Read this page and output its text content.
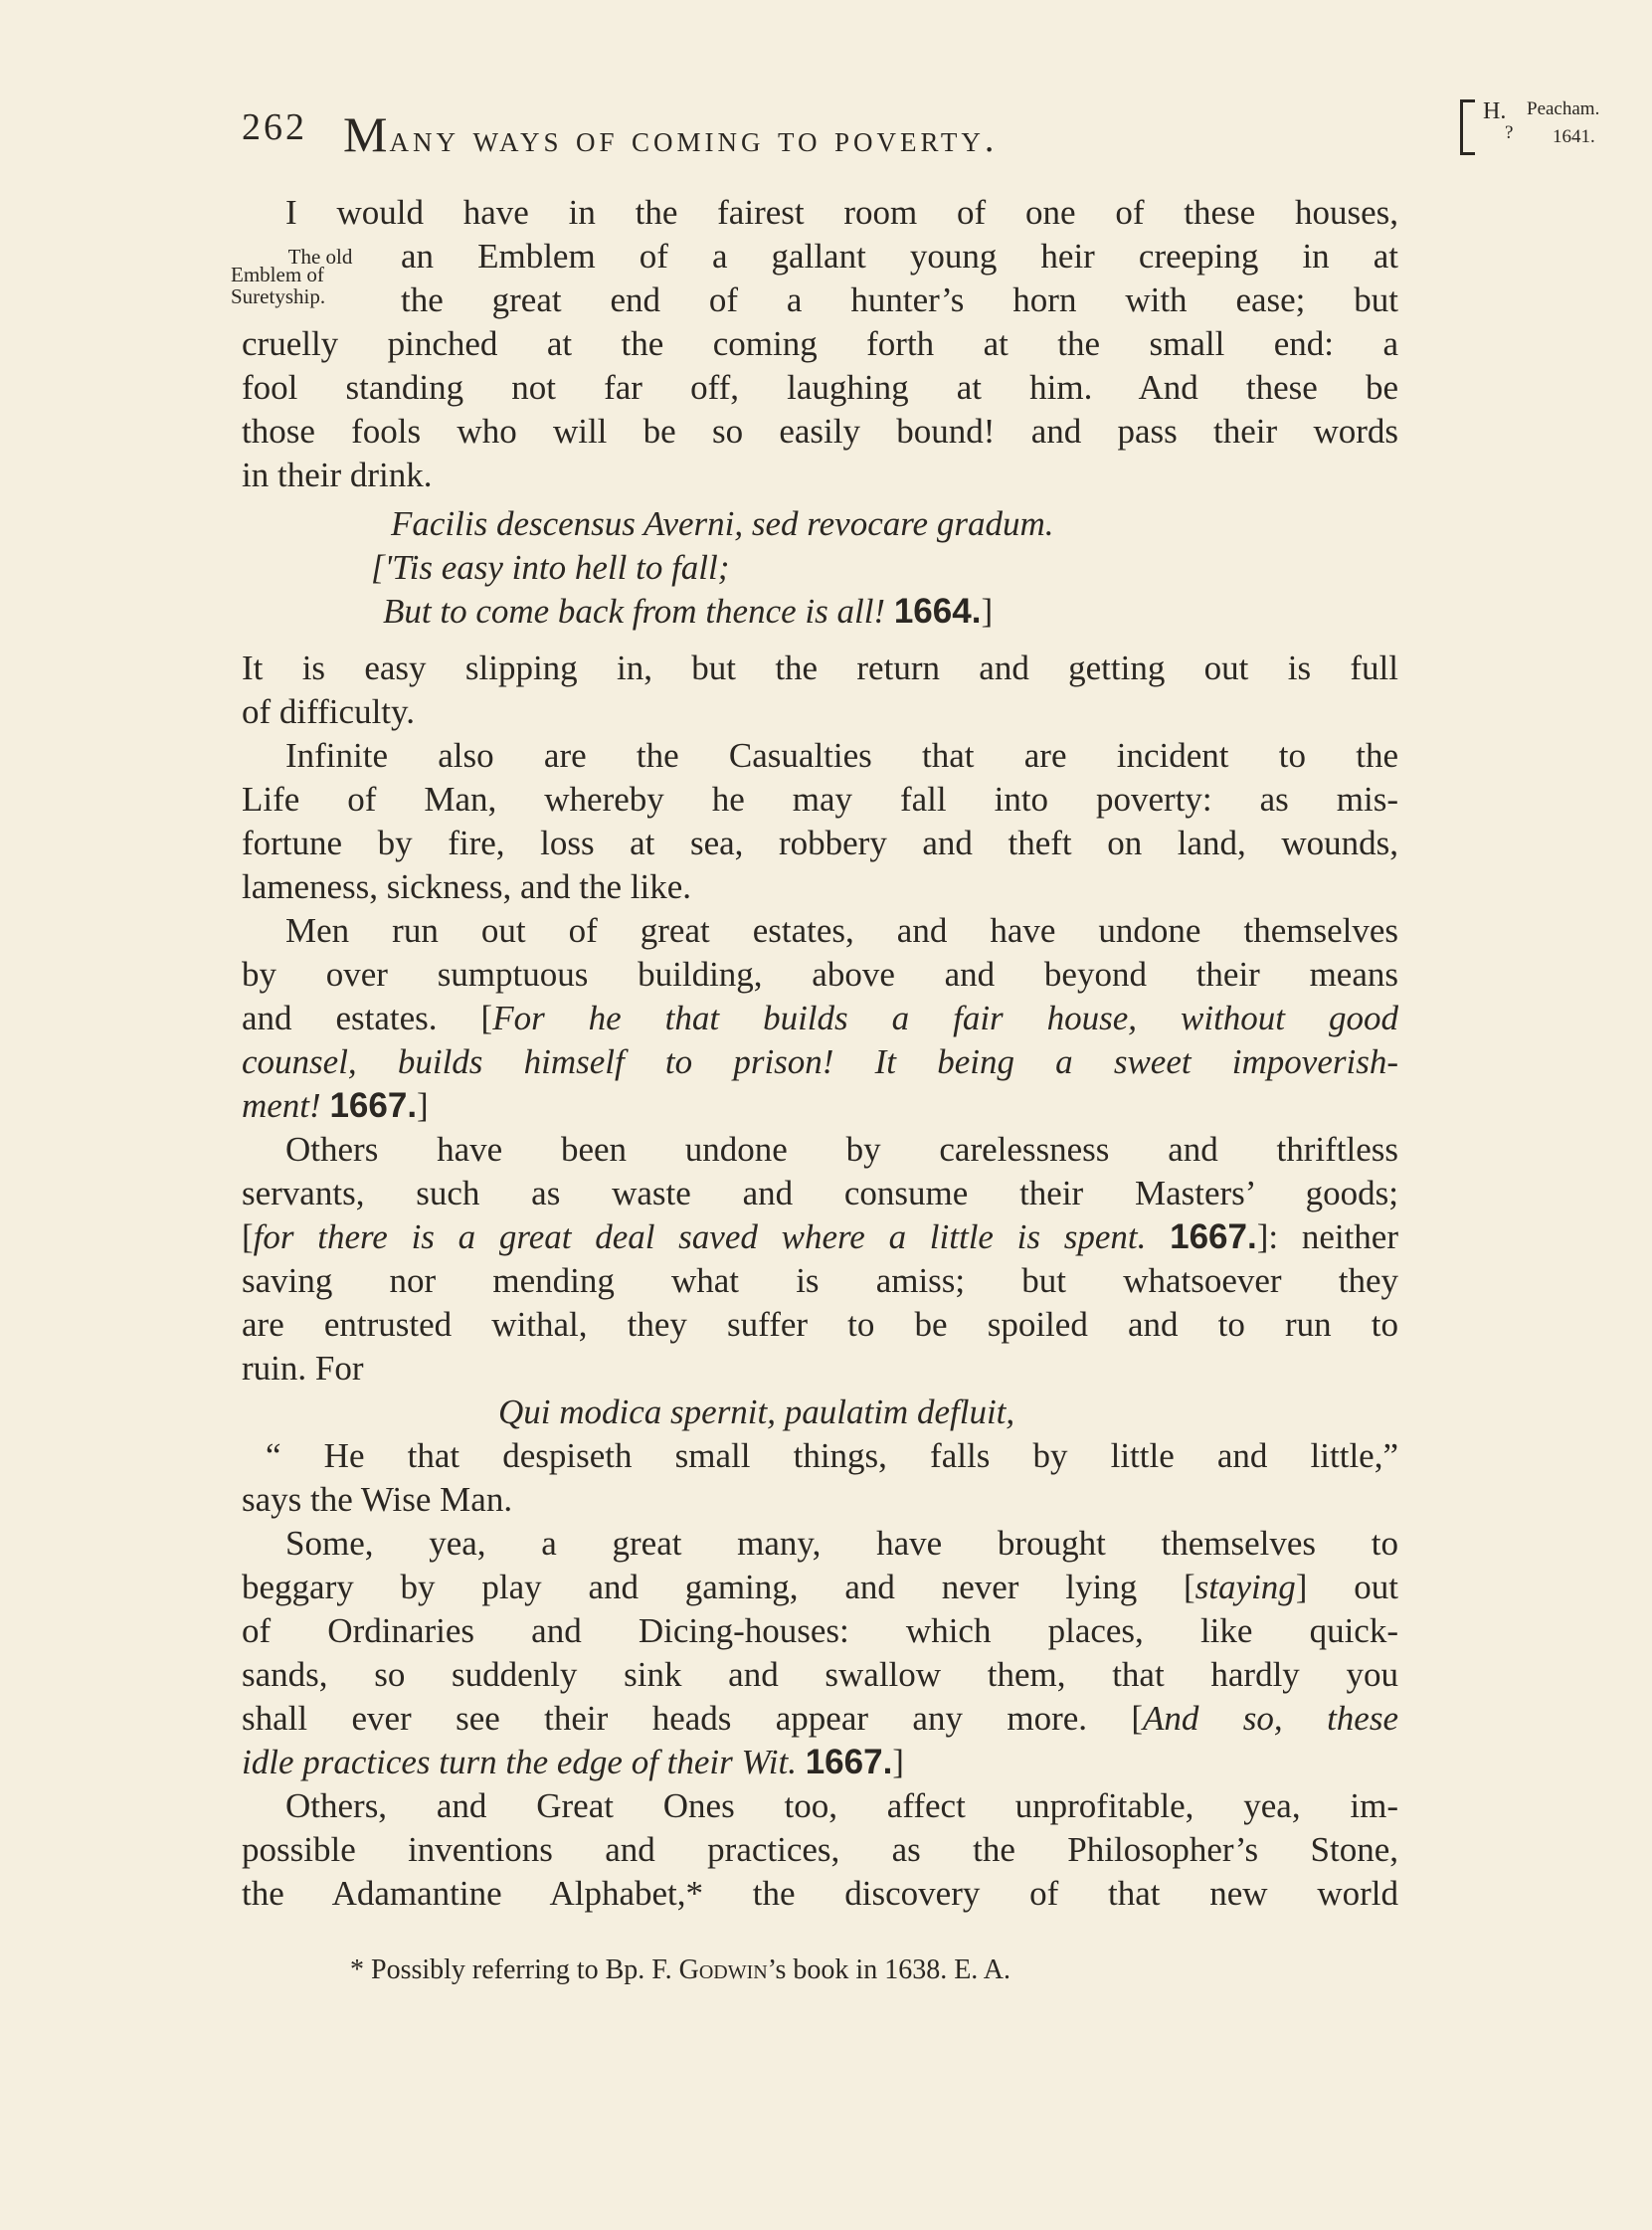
262 Many ways of coming to poverty.
H. Peacham.
? 1641.
The old
Emblem of
Suretyship.
I would have in the fairest room of one of these houses,
an Emblem of a gallant young heir creeping in at
the great end of a hunter’s horn with ease; but
cruelly pinched at the coming forth at the small end: a
fool standing not far off, laughing at him. And these be
those fools who will be so easily bound! and pass their words
in their drink.
Facilis descensus Averni, sed revocare gradum.
['Tis easy into hell to fall;
But to come back from thence is all! 1664.]
It is easy slipping in, but the return and getting out is full
of difficulty.
Infinite also are the Casualties that are incident to the
Life of Man, whereby he may fall into poverty: as mis-
fortune by fire, loss at sea, robbery and theft on land, wounds,
lameness, sickness, and the like.
Men run out of great estates, and have undone themselves
by over sumptuous building, above and beyond their means
and estates. [For he that builds a fair house, without good
counsel, builds himself to prison! It being a sweet impoverish-
ment! 1667.]
Others have been undone by carelessness and thriftless
servants, such as waste and consume their Masters’ goods;
[for there is a great deal saved where a little is spent. 1667.]: neither
saving nor mending what is amiss; but whatsoever they
are entrusted withal, they suffer to be spoiled and to run to
ruin. For
Qui modica spernit, paulatim defluit,
“ He that despiseth small things, falls by little and little,”
says the Wise Man.
Some, yea, a great many, have brought themselves to
beggary by play and gaming, and never lying [staying] out
of Ordinaries and Dicing-houses: which places, like quick-
sands, so suddenly sink and swallow them, that hardly you
shall ever see their heads appear any more. [And so, these
idle practices turn the edge of their Wit. 1667.]
Others, and Great Ones too, affect unprofitable, yea, im-
possible inventions and practices, as the Philosopher’s Stone,
the Adamantine Alphabet,* the discovery of that new world
* Possibly referring to Bp. F. Godwin’s book in 1638. E. A.
